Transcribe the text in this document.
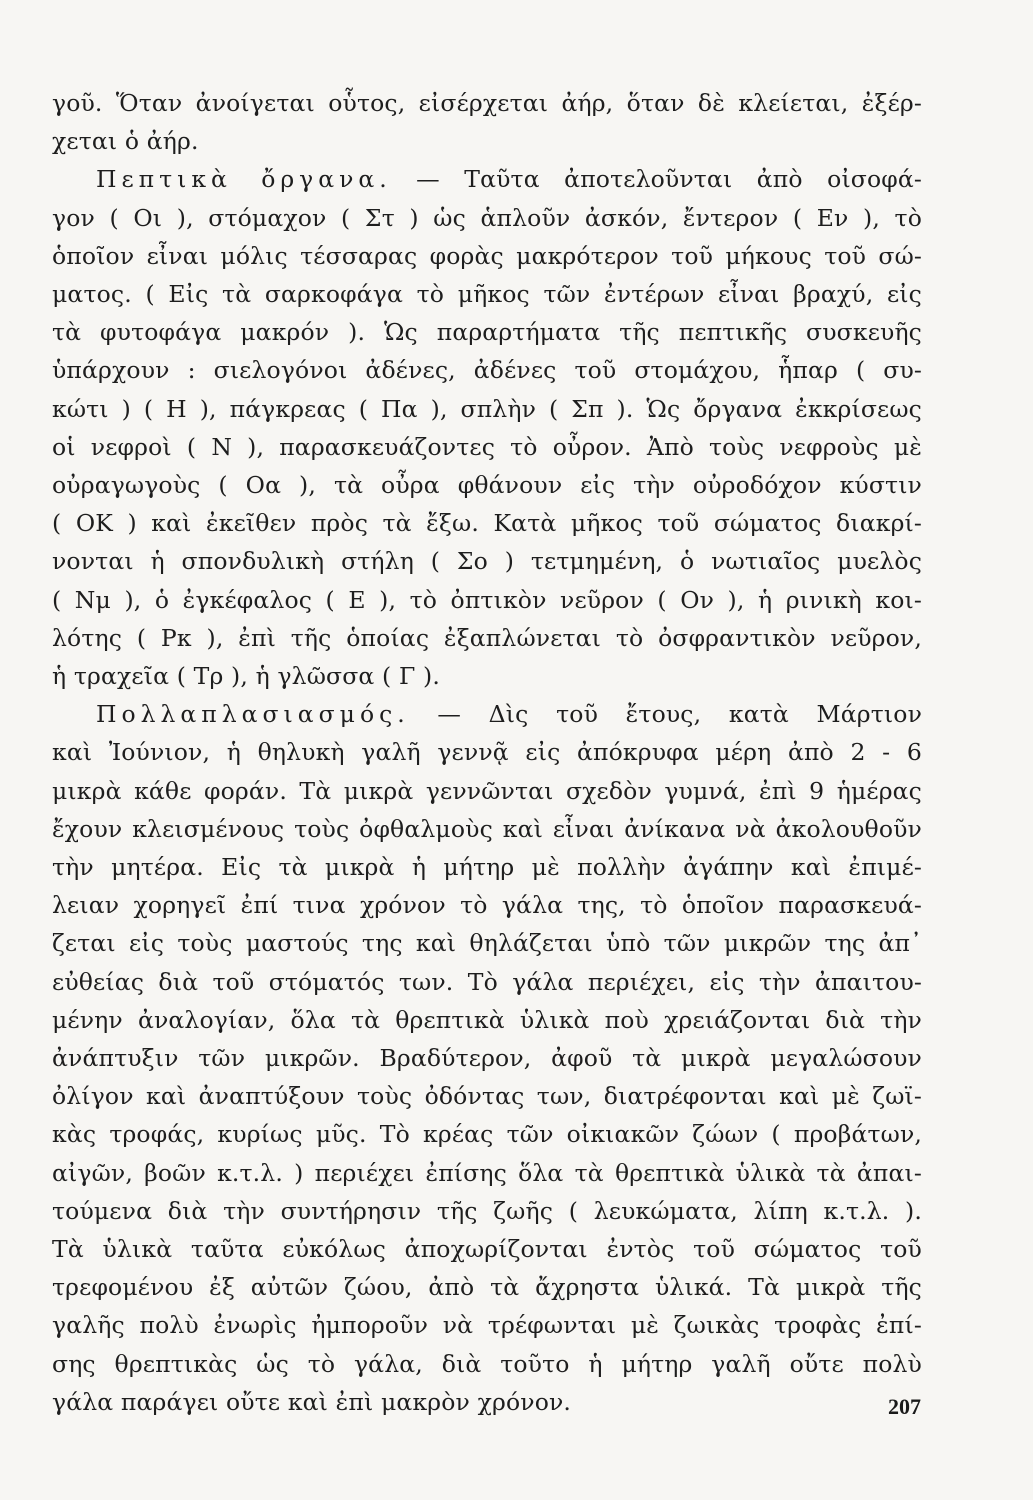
γοῦ. Ὅταν ἀνοίγεται οὗτος, εἰσέρχεται ἀήρ, ὅταν δὲ κλείεται, ἐξέρ-
χεται ὁ ἀήρ.
Πεπτικὰ ὄργανα. — Ταῦτα ἀποτελοῦνται ἀπὸ οἰσοφά-
γον ( Οι ), στόμαχον ( Στ ) ὡς ἁπλοῦν ἀσκόν, ἔντερον ( Εν ), τὸ
ὁποῖον εἶναι μόλις τέσσαρας φορὰς μακρότερον τοῦ μήκους τοῦ σώ-
ματος. ( Εἰς τὰ σαρκοφάγα τὸ μῆκος τῶν ἐντέρων εἶναι βραχύ, εἰς
τὰ φυτοφάγα μακρόν ). Ὡς παραρτήματα τῆς πεπτικῆς συσκευῆς
ὑπάρχουν : σιελογόνοι ἀδένες, ἀδένες τοῦ στομάχου, ἧπαρ ( συ-
κώτι ) ( Η ), πάγκρεας ( Πα ), σπλὴν ( Σπ ). Ὡς ὄργανα ἐκκρίσεως
οἱ νεφροὶ ( Ν ), παρασκευάζοντες τὸ οὖρον. Ἀπὸ τοὺς νεφροὺς μὲ
οὐραγωγοὺς ( Οα ), τὰ οὖρα φθάνουν εἰς τὴν οὐροδόχον κύστιν
( ΟΚ ) καὶ ἐκεῖθεν πρὸς τὰ ἔξω. Κατὰ μῆκος τοῦ σώματος διακρί-
νονται ἡ σπονδυλικὴ στήλη ( Σο ) τετμημένη, ὁ νωτιαῖος μυελὸς
( Νμ ), ὁ ἐγκέφαλος ( Ε ), τὸ ὀπτικὸν νεῦρον ( Ον ), ἡ ρινικὴ κοι-
λότης ( Ρκ ), ἐπὶ τῆς ὁποίας ἐξαπλώνεται τὸ ὀσφραντικὸν νεῦρον,
ἡ τραχεῖα ( Τρ ), ἡ γλῶσσα ( Γ ).
Πολλαπλασιασμός. — Δὶς τοῦ ἔτους, κατὰ Μάρτιον
καὶ Ἰούνιον, ἡ θηλυκὴ γαλῆ γεννᾷ εἰς ἀπόκρυφα μέρη ἀπὸ 2 - 6
μικρὰ κάθε φοράν. Τὰ μικρὰ γεννῶνται σχεδὸν γυμνά, ἐπὶ 9 ἡμέρας
ἔχουν κλεισμένους τοὺς ὀφθαλμοὺς καὶ εἶναι ἀνίκανα νὰ ἀκολουθοῦν
τὴν μητέρα. Εἰς τὰ μικρὰ ἡ μήτηρ μὲ πολλὴν ἀγάπην καὶ ἐπιμέ-
λειαν χορηγεῖ ἐπί τινα χρόνον τὸ γάλα της, τὸ ὁποῖον παρασκευά-
ζεται εἰς τοὺς μαστούς της καὶ θηλάζεται ὑπὸ τῶν μικρῶν της ἀπ᾽
εὐθείας διὰ τοῦ στόματός των. Τὸ γάλα περιέχει, εἰς τὴν ἀπαιτου-
μένην ἀναλογίαν, ὅλα τὰ θρεπτικὰ ὑλικὰ ποὺ χρειάζονται διὰ τὴν
ἀνάπτυξιν τῶν μικρῶν. Βραδύτερον, ἀφοῦ τὰ μικρὰ μεγαλώσουν
ὀλίγον καὶ ἀναπτύξουν τοὺς ὀδόντας των, διατρέφονται καὶ μὲ ζωϊ-
κὰς τροφάς, κυρίως μῦς. Τὸ κρέας τῶν οἰκιακῶν ζώων ( προβάτων,
αἰγῶν, βοῶν κ.τ.λ. ) περιέχει ἐπίσης ὅλα τὰ θρεπτικὰ ὑλικὰ τὰ ἀπαι-
τούμενα διὰ τὴν συντήρησιν τῆς ζωῆς ( λευκώματα, λίπη κ.τ.λ. ).
Τὰ ὑλικὰ ταῦτα εὐκόλως ἀποχωρίζονται ἐντὸς τοῦ σώματος τοῦ
τρεφομένου ἐξ αὐτῶν ζώου, ἀπὸ τὰ ἄχρηστα ὑλικά. Τὰ μικρὰ τῆς
γαλῆς πολὺ ἐνωρὶς ἠμποροῦν νὰ τρέφωνται μὲ ζωικὰς τροφὰς ἐπί-
σης θρεπτικὰς ὡς τὸ γάλα, διὰ τοῦτο ἡ μήτηρ γαλῆ οὔτε πολὺ
γάλα παράγει οὔτε καὶ ἐπὶ μακρὸν χρόνον.	207
